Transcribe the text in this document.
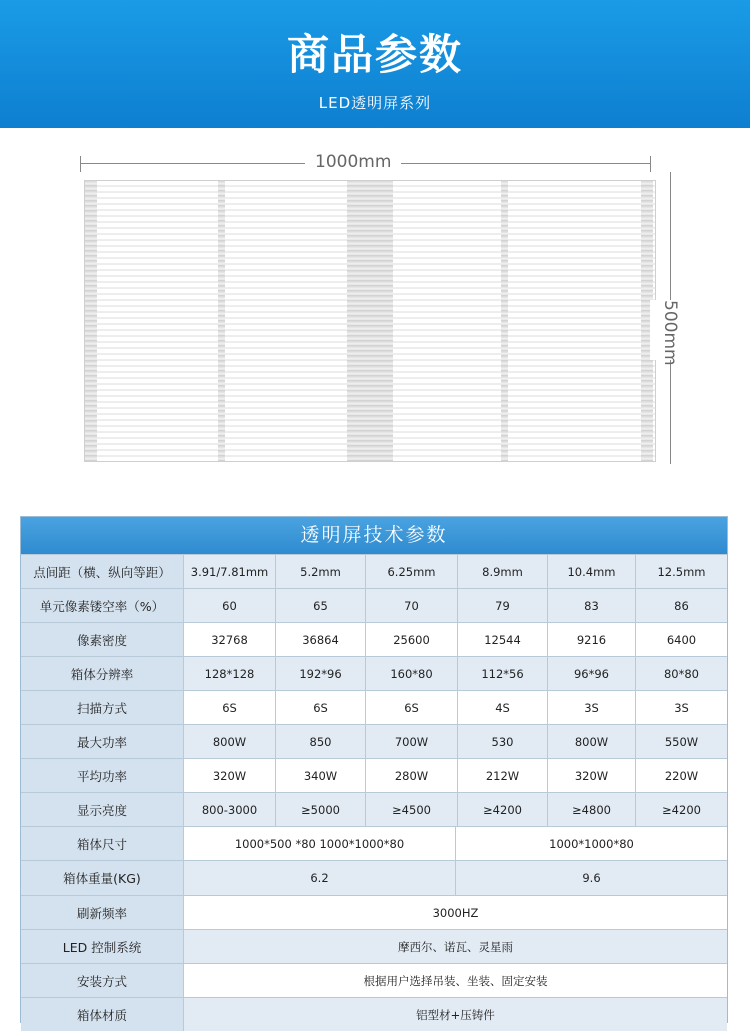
商品参数
LED透明屏系列
1000mm
500mm
透明屏技术参数
点间距（横、纵向等距）	3.91/7.81mm	5.2mm	6.25mm	8.9mm	10.4mm	12.5mm
单元像素镂空率（%）	60	65	70	79	83	86
像素密度	32768	36864	25600	12544	9216	6400
箱体分辨率	128*128	192*96	160*80	112*56	96*96	80*80
扫描方式	6S	6S	6S	4S	3S	3S
最大功率	800W	850	700W	530	800W	550W
平均功率	320W	340W	280W	212W	320W	220W
显示亮度	800-3000	≥5000	≥4500	≥4200	≥4800	≥4200
箱体尺寸	1000*500 *80 1000*1000*80	1000*1000*80
箱体重量(KG)	6.2	9.6
刷新频率	3000HZ
LED 控制系统	摩西尔、诺瓦、灵星雨
安装方式	根据用户选择吊装、坐装、固定安装
箱体材质	铝型材+压铸件
